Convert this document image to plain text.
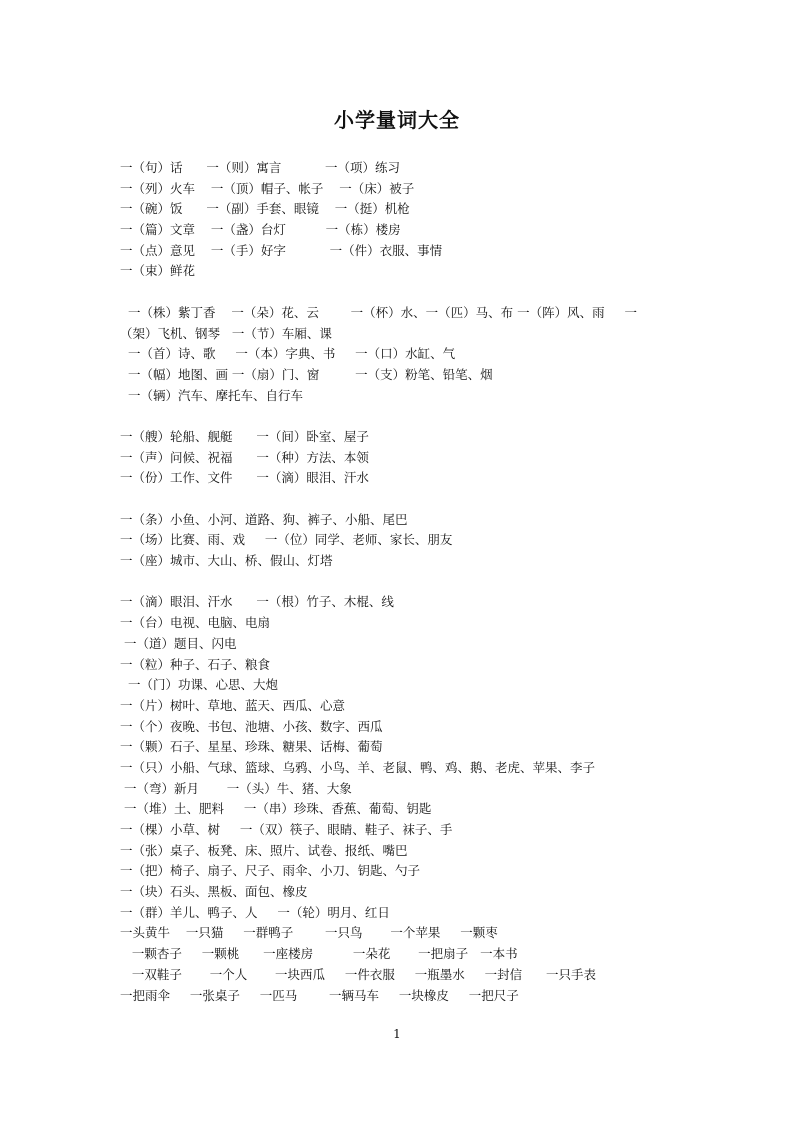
小学量词大全
一（句）话      一（则）寓言           一（项）练习
一（列）火车    一（顶）帽子、帐子    一（床）被子
一（碗）饭      一（副）手套、眼镜    一（挺）机枪
一（篇）文章    一（盏）台灯          一（栋）楼房
一（点）意见    一（手）好字           一（件）衣服、事情
一（束）鲜花
一（株）紫丁香    一（朵）花、云        一（杯）水、一（匹）马、布 一（阵）风、雨     一
（架）飞机、钢琴   一（节）车厢、课
一（首）诗、歌     一（本）字典、书     一（口）水缸、气
一（幅）地图、画 一（扇）门、窗         一（支）粉笔、铅笔、烟
一（辆）汽车、摩托车、自行车
一（艘）轮船、舰艇      一（间）卧室、屋子
一（声）问候、祝福      一（种）方法、本领
一（份）工作、文件      一（滴）眼泪、汗水
一（条）小鱼、小河、道路、狗、裤子、小船、尾巴
一（场）比赛、雨、戏     一（位）同学、老师、家长、朋友
一（座）城市、大山、桥、假山、灯塔
一（滴）眼泪、汗水      一（根）竹子、木棍、线
一（台）电视、电脑、电扇
一（道）题目、闪电
一（粒）种子、石子、粮食
一（门）功课、心思、大炮
一（片）树叶、草地、蓝天、西瓜、心意
一（个）夜晚、书包、池塘、小孩、数字、西瓜
一（颗）石子、星星、珍珠、糖果、话梅、葡萄
一（只）小船、气球、篮球、乌鸦、小鸟、羊、老鼠、鸭、鸡、鹅、老虎、苹果、李子
一（弯）新月       一（头）牛、猪、大象
一（堆）土、肥料     一（串）珍珠、香蕉、葡萄、钥匙
一（棵）小草、树     一（双）筷子、眼睛、鞋子、袜子、手
一（张）桌子、板凳、床、照片、试卷、报纸、嘴巴
一（把）椅子、扇子、尺子、雨伞、小刀、钥匙、勺子
一（块）石头、黑板、面包、橡皮
一（群）羊儿、鸭子、人     一（轮）明月、红日
一头黄牛    一只猫     一群鸭子        一只鸟       一个苹果     一颗枣
一颗杏子     一颗桃      一座楼房          一朵花       一把扇子   一本书
一双鞋子       一个人       一块西瓜     一件衣服     一瓶墨水     一封信      一只手表
一把雨伞     一张桌子     一匹马        一辆马车     一块橡皮     一把尺子
1
